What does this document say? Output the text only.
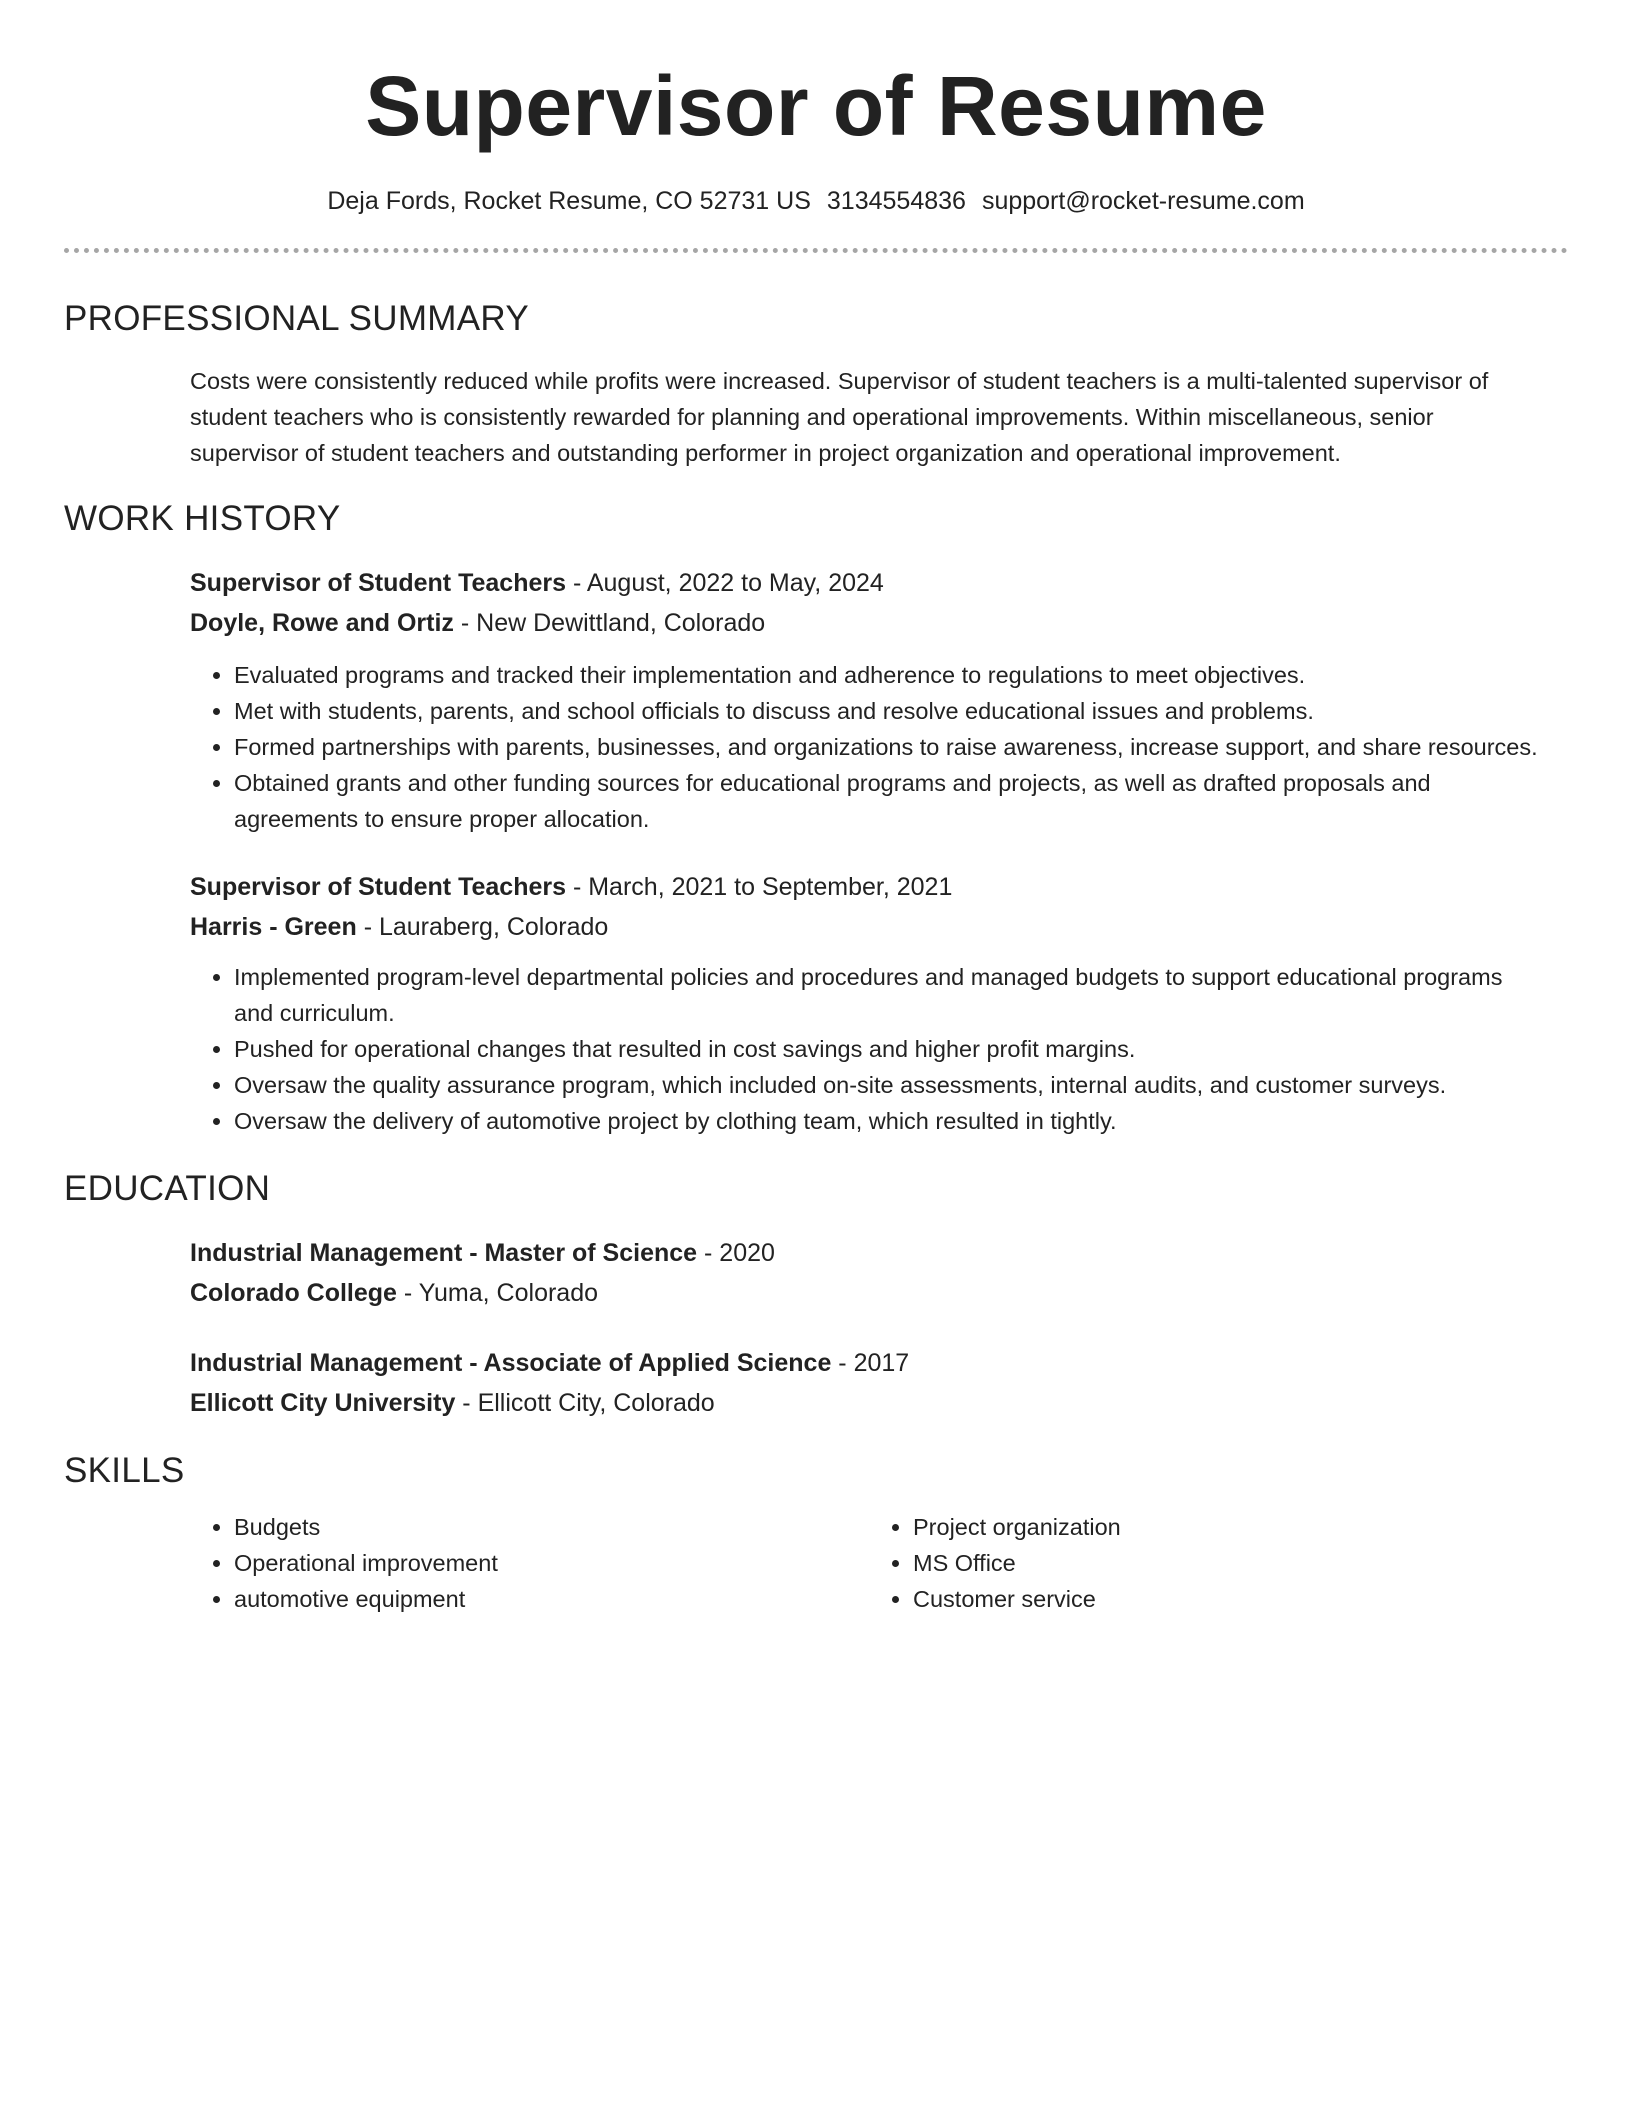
Supervisor of Resume
Deja Fords, Rocket Resume, CO 52731 US 3134554836 support@rocket-resume.com
PROFESSIONAL SUMMARY

Costs were consistently reduced while profits were increased. Supervisor of student teachers is a multi-talented supervisor of student teachers who is consistently rewarded for planning and operational improvements. Within miscellaneous, senior supervisor of student teachers and outstanding performer in project organization and operational improvement.

WORK HISTORY
Supervisor of Student Teachers - August, 2022 to May, 2024
Doyle, Rowe and Ortiz - New Dewittland, Colorado
• Evaluated programs and tracked their implementation and adherence to regulations to meet objectives.
• Met with students, parents, and school officials to discuss and resolve educational issues and problems.
• Formed partnerships with parents, businesses, and organizations to raise awareness, increase support, and share resources.
• Obtained grants and other funding sources for educational programs and projects, as well as drafted proposals and agreements to ensure proper allocation.
Supervisor of Student Teachers - March, 2021 to September, 2021
Harris - Green - Lauraberg, Colorado
• Implemented program-level departmental policies and procedures and managed budgets to support educational programs and curriculum.
• Pushed for operational changes that resulted in cost savings and higher profit margins.
• Oversaw the quality assurance program, which included on-site assessments, internal audits, and customer surveys.
• Oversaw the delivery of automotive project by clothing team, which resulted in tightly.
EDUCATION
Industrial Management - Master of Science - 2020
Colorado College - Yuma, Colorado
Industrial Management - Associate of Applied Science - 2017
Ellicott City University - Ellicott City, Colorado
SKILLS
• Budgets
• Operational improvement
• automotive equipment
• Project organization
• MS Office
• Customer service
